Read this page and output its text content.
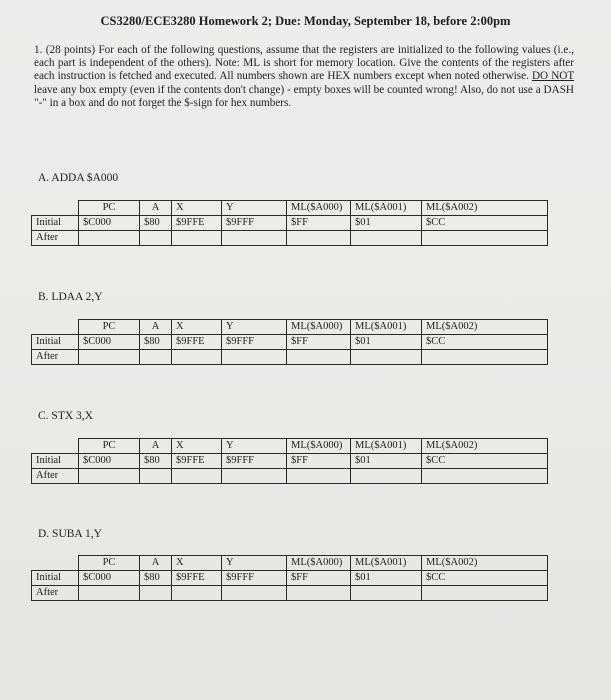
CS3280/ECE3280 Homework 2; Due: Monday, September 18, before 2:00pm
1. (28 points) For each of the following questions, assume that the registers are initialized to the following values (i.e., each part is independent of the others). Note: ML is short for memory location. Give the contents of the registers after each instruction is fetched and executed. All numbers shown are HEX numbers except when noted otherwise. DO NOT leave any box empty (even if the contents don't change) - empty boxes will be counted wrong! Also, do not use a DASH "-" in a box and do not forget the $-sign for hex numbers.
A. ADDA $A000
	PC	A	X	Y	ML($A000)	ML($A001)	ML($A002)
Initial	$C000	$80	$9FFE	$9FFF	$FF	$01	$CC
After							
B. LDAA 2,Y
	PC	A	X	Y	ML($A000)	ML($A001)	ML($A002)
Initial	$C000	$80	$9FFE	$9FFF	$FF	$01	$CC
After							
C. STX 3,X
	PC	A	X	Y	ML($A000)	ML($A001)	ML($A002)
Initial	$C000	$80	$9FFE	$9FFF	$FF	$01	$CC
After							
D. SUBA 1,Y
	PC	A	X	Y	ML($A000)	ML($A001)	ML($A002)
Initial	$C000	$80	$9FFE	$9FFF	$FF	$01	$CC
After							
